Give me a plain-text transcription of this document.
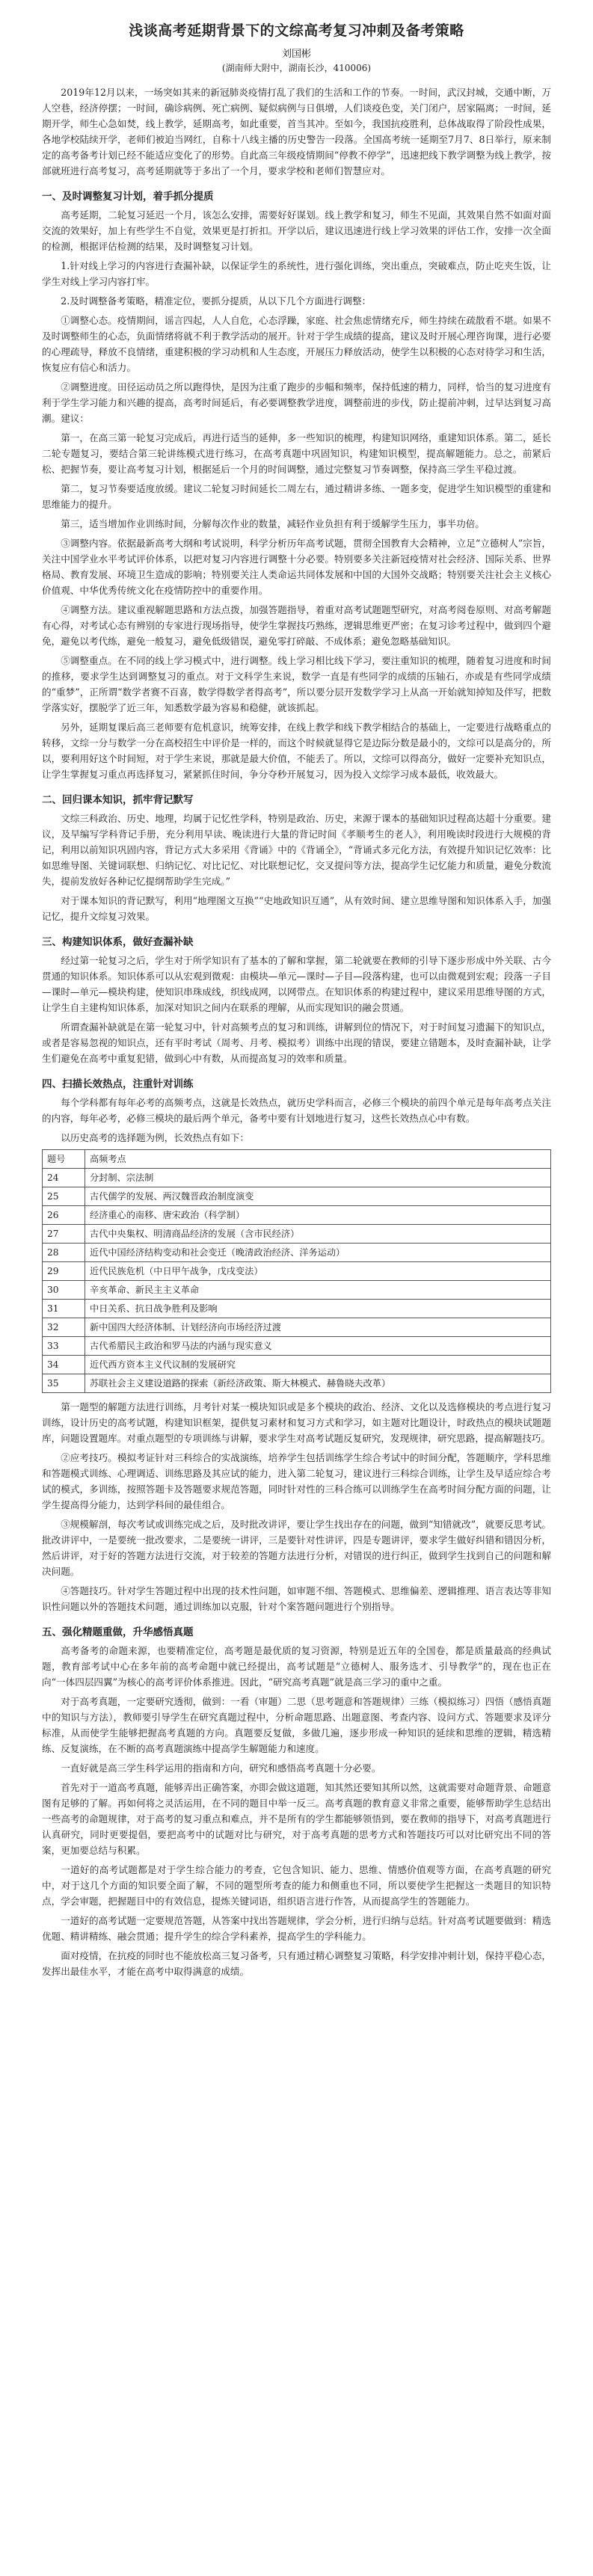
浅谈高考延期背景下的文综高考复习冲刺及备考策略
刘国彬
(湖南师大附中，湖南长沙，410006)

2019年12月以来，一场突如其来的新冠肺炎疫情打乱了我们的生活和工作的节奏。一时间，武汉封城，交通中断，万人空巷，经济停摆；一时间，确诊病例、死亡病例、疑似病例与日俱增，人们谈疫色变，关门闭户，居家隔离；一时间，延期开学，师生心急如焚，线上教学，延期高考，如此重要，首当其冲。至如今，我国抗疫胜利，总体战取得了阶段性成果，各地学校陆续开学，老师们被迫当网红，自称十八线主播的历史警告一段落。全国高考统一延期至7月7、8日举行，原来制定的高考备考计划已经不能适应变化了的形势。自此高三年级疫情期间“停教不停学”，迅速把线下教学调整为线上教学，按部就班进行高考复习，高考延期就等于多出了一个月，要求学校和老师们智慧应对。

一、及时调整复习计划，着手抓分提质

高考延期，二轮复习延迟一个月，该怎么安排，需要好好谋划。线上教学和复习，师生不见面，其效果自然不如面对面交流的效果好，加上有些学生不自觉，效果更是打折扣。开学以后，建议迅速进行线上学习效果的评估工作，安排一次全面的检测，根据评估检测的结果，及时调整复习计划。

1.针对线上学习的内容进行查漏补缺，以保证学生的系统性，进行强化训练，突出重点，突破难点，防止吃夹生饭，让学生对线上学习内容打牢。

2.及时调整备考策略，精准定位，要抓分提质，从以下几个方面进行调整：

①调整心态。疫情期间，谣言四起，人人自危，心态浮躁，家庭、社会焦虑情绪充斥，师生持续在疏散看不堪。如果不及时调整师生的心态，负面情绪将就不利于教学活动的展开。针对于学生成绩的提高，建议及时开展心理咨询课，进行必要的心理疏导，释放不良情绪，重建积极的学习动机和人生态度，开展压力释放活动，使学生以积极的心态对待学习和生活，恢复应有信心和活力。

②调整进度。田径运动员之所以跑得快，是因为注重了跑步的步幅和频率，保持低速的精力，同样，恰当的复习进度有利于学生学习能力和兴趣的提高，高考时间延后，有必要调整教学进度，调整前进的步伐，防止提前冲刺，过早达到复习高潮。建议：

第一，在高三第一轮复习完成后，再进行适当的延伸，多一些知识的梳理，构建知识网络，重建知识体系。第二，延长二轮专题复习，要结合第三轮讲练模式进行练习，在高考真题中巩固知识，构建知识模型，提高解题能力。总之，前紧后松、把握节奏，要让高考复习计划，根据延后一个月的时间调整，通过完整复习节奏调整，保持高三学生平稳过渡。

第二，复习节奏要适度放缓。建议二轮复习时间延长二周左右，通过精讲多练、一题多变，促进学生知识模型的重建和思维能力的提升。

第三，适当增加作业训练时间，分解每次作业的数量，减轻作业负担有利于缓解学生压力，事半功倍。

③调整内容。依据最新高考大纲和考试说明，科学分析历年高考试题，贯彻全国教育大会精神，立足“立德树人”宗旨，关注中国学业水平考试评价体系，以把对复习内容进行调整十分必要。特别要多关注新冠疫情对社会经济、国际关系、世界格局、教育发展、环境卫生造成的影响；特别要关注人类命运共同体发展和中国的大国外交战略；特别要关注社会主义核心价值观、中华优秀传统文化在疫情防控中的重要作用。

④调整方法。建议重视解题思路和方法点拨，加强答题指导，着重对高考试题题型研究，对高考阅卷原则、对高考解题有心得，对考试心态有辨别的专家进行现场指导，使学生掌握技巧熟练，逻辑思维更严密；在复习诊考过程中，做到四个避免，避免以考代练，避免一般复习，避免低级错误，避免零打碎敲、不成体系；避免忽略基础知识。

⑤调整重点。在不同的线上学习模式中，进行调整。线上学习相比线下学习，要注重知识的梳理，随着复习进度和时间的推移，要求学生达到调整复习的重点。对于文科学生来说，数学一直是有些同学的成绩的压轴石，亦或是有些同学成绩的“重梦”，正所谓“数学者赛不百喜，数学得数学者得高考”，所以要分层开发数学学习上从高一开始就知掉知及伴写，把数学落实好，摆脱学了近三年，知悉数学最为容易和稳健，就该抓起。

另外，延期复课后高三老师要有危机意识，统筹安排，在线上教学和线下教学相结合的基础上，一定要进行战略重点的转移，文综一分与数学一分在高校招生中评价是一样的，而这个时候就显得它是边际分数是最小的，文综可以是高分的，所以，要利用好这个时间短，对于学生来说，那就是最大价值，不能丢了。所以，文综可以得高分，做好一定要补充知识点，让学生掌握复习重点再选择复习，紧紧抓住时间，争分夺秒开展复习，因为投入文综学习成本最低，收效最大。

二、回归课本知识，抓牢背记默写

文综三科政治、历史、地理，均属于记忆性学科，特别是政治、历史，来源于课本的基础知识过程高达超十分重要。建议，及早编写学科背记手册，充分利用早读、晚读进行大量的背记时间《孝顺考生的老人》，利用晚读时段进行大规模的背记，利用以前知识巩固内容，背记方式大多采用《背诵》中的《背诵全》，“背诵式多元化方法，有效提升知识记忆效率：比如思维导图、关键词联想、归纳记忆、对比记忆、对比联想记忆，交叉提问等方法，提高学生记忆能力和质量，避免分数流失，提前发放好各种记忆提纲帮助学生完成。”

对于课本知识的背记默写，利用“地理图文互换”“史地政知识互通”，从有效时间、建立思维导图和知识体系入手，加强记忆，提升文综复习效果。

三、构建知识体系，做好查漏补缺

经过第一轮复习之后，学生对于所学知识有了基本的了解和掌握，第二轮就要在教师的引导下逐步形成中外关联、古今贯通的知识体系。知识体系可以从宏观到微观：由模块—单元—课时—子目—段落构建，也可以由微观到宏观；段落一子目—课时—单元—模块构建，使知识串珠成线，织线成网，以网带点。在知识体系的构建过程中，建议采用思维导图的方式，让学生自主建构知识体系，加深对知识之间内在联系的理解，从而实现知识的融会贯通。

所谓查漏补缺就是在第一轮复习中，针对高频考点的复习和训练，讲解到位的情况下，对于时间复习遗漏下的知识点，或者是容易忽视的知识点，还有平时考试（周考、月考、模拟考）训练中出现的错误，要建立错题本，及时查漏补缺，让学生们避免在高考中重复犯错，做到心中有数，从而提高复习的效率和质量。

四、扫描长效热点，注重针对训练

每个学科都有每年必考的高频考点，这就是长效热点，就历史学科而言，必修三个模块的前四个单元是每年高考点关注的内容，每年必考，必修三模块的最后两个单元，备考中要有计划地进行复习，这些长效热点心中有数。

以历史高考的选择题为例，长效热点有如下：

题号	高频考点
24	分封制、宗法制
25	古代儒学的发展、两汉魏晋政治制度演变
26	经济重心的南移、唐宋政治（科学制）
27	古代中央集权、明清商品经济的发展（含市民经济）
28	近代中国经济结构变动和社会变迁（晚清政治经济、洋务运动）
29	近代民族危机（中日甲午战争，戊戌变法）
30	辛亥革命、新民主主义革命
31	中日关系、抗日战争胜利及影响
32	新中国四大经济体制、计划经济向市场经济过渡
33	古代希腊民主政治和罗马法的内涵与现实意义
34	近代西方资本主义代议制的发展研究
35	苏联社会主义建设道路的探索（新经济政策、斯大林模式、赫鲁晓夫改革）

第一题型的解题方法进行训练，月考针对某一模块知识或是多个模块的政治、经济、文化以及选修模块的考点进行复习训练，设计历史的高考试题，构建知识框架，提供复习素材和复习方式和学习，如主题对比题设计，时政热点的模块试题题库，问题设置题库。对重点题型的专项训练与讲解，要求学生对高考试题反复研究，发现规律，研究思路，提高解题技巧。

②应考技巧。模拟考证针对三科综合的实战演练，培养学生包括训练学生综合考试中的时间分配，答题顺序，学科思维和答题模式训练、心理调适、训练思路及其应试的能力，进入第二轮复习，建议进行三科综合训练，让学生及早适应综合考试的模式，多训练，按照答题卡及答题要求规范答题，同时针对性的三科合练可以训练学生在高考时间分配方面的问题，让学生提高得分能力，达到学科间的最佳组合。

③规模解剖，每次考试或训练完成之后，及时批改讲评，要让学生找出存在的问题，做到“知错就改”，就要反思考试。批改讲评中，一是要统一批改要求，二是要统一讲评，三是要针对性讲评，四是专题讲评，要求学生做好纠错和错因分析，然后讲评，对于好的答题方法进行交流，对于较差的答题方法进行分析，对错误的进行纠正，做到学生找到自己的问题和解决问题。

④答题技巧。针对学生答题过程中出现的技术性问题，如审题不细、答题模式、思维偏差、逻辑推理、语言表达等非知识性问题以外的答题技术问题，通过训练加以克服，针对个案答题问题进行个别指导。

五、强化精题重做，升华感悟真题

高考备考的命题来源，也要精准定位，高考题是最优质的复习资源，特别是近五年的全国卷，都是质量最高的经典试题，教育部考试中心在多年前的高考命题中就已经提出，高考试题是“立德树人、服务选才、引导教学”的，现在也正在向“一体四层四翼”为核心的高考评价体系推进。因此，“研究高考真题”就是高三学习的重中之重。

对于高考真题，一定要研究透彻，做到：一看（审题）二思（思考题意和答题规律）三练（模拟练习）四悟（感悟真题中的知识与方法），教师要引导学生在研究真题过程中，分析命题思路、出题意图、考查内容、设问方式、答题要求及评分标准，从而使学生能够把握高考真题的方向。真题要反复做，多做几遍，逐步形成一种知识的延续和思维的逻辑，精选精练、反复演练，在不断的高考真题演练中提高学生解题能力和速度。

一直好就是高三学生科学运用的指南和方向，研究和感悟高考真题十分必要。

首先对于一道高考真题，能够弄出正确答案，亦即会做这道题，知其然还要知其所以然，这就需要对命题背景、命题意图有足够的了解。再如何将之灵活运用，在不同的题目中举一反三。高考真题的教育意义非常之重要，能够帮助学生总结出一些高考的命题规律，对于高考的复习重点和难点，并不是所有的学生都能够领悟到，要在教师的指导下，对高考真题进行认真研究，同时更要提倡，要把高考中的试题对比与研究，对于高考真题的思考方式和答题技巧可以对比研究出不同的答案，更加要总结与积累。

一道好的高考试题都是对于学生综合能力的考查，它包含知识、能力、思维、情感价值观等方面，在高考真题的研究中，对于这几个方面的知识要全面了解，不同的题型所考查的能力和侧重也不同，所以要使学生把握这一类题目的知识特点，学会审题，把握题目中的有效信息，提炼关键词语，组织语言进行作答，从而提高学生的答题能力。

一道好的高考试题一定要规范答题，从答案中找出答题规律，学会分析，进行归纳与总结。针对高考试题要做到：精选优题、精讲精练、融会贯通；提升学生的综合学科素养，提高学生的学科能力。

面对疫情，在抗疫的同时也不能放松高三复习备考，只有通过精心调整复习策略，科学安排冲刺计划，保持平稳心态，发挥出最佳水平，才能在高考中取得满意的成绩。
